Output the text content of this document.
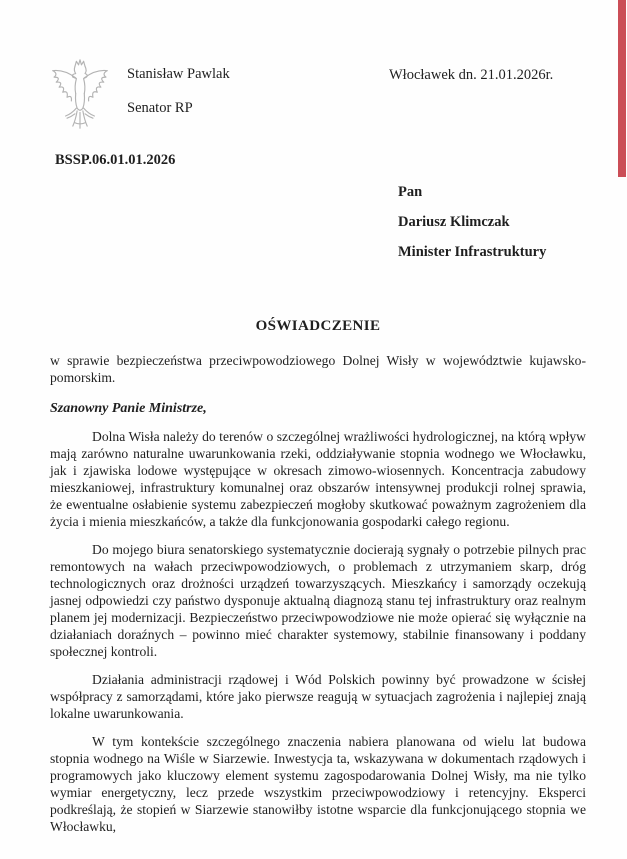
Stanisław Pawlak
Senator RP
Włocławek dn. 21.01.2026r.
BSSP.06.01.01.2026
Pan
Dariusz Klimczak
Minister Infrastruktury
OŚWIADCZENIE

w sprawie bezpieczeństwa przeciwpowodziowego Dolnej Wisły w województwie kujawsko-pomorskim.

Szanowny Panie Ministrze,

Dolna Wisła należy do terenów o szczególnej wrażliwości hydrologicznej, na którą wpływ mają zarówno naturalne uwarunkowania rzeki, oddziaływanie stopnia wodnego we Włocławku, jak i zjawiska lodowe występujące w okresach zimowo-wiosennych. Koncentracja zabudowy mieszkaniowej, infrastruktury komunalnej oraz obszarów intensywnej produkcji rolnej sprawia, że ewentualne osłabienie systemu zabezpieczeń mogłoby skutkować poważnym zagrożeniem dla życia i mienia mieszkańców, a także dla funkcjonowania gospodarki całego regionu.

Do mojego biura senatorskiego systematycznie docierają sygnały o potrzebie pilnych prac remontowych na wałach przeciwpowodziowych, o problemach z utrzymaniem skarp, dróg technologicznych oraz drożności urządzeń towarzyszących. Mieszkańcy i samorządy oczekują jasnej odpowiedzi czy państwo dysponuje aktualną diagnozą stanu tej infrastruktury oraz realnym planem jej modernizacji. Bezpieczeństwo przeciwpowodziowe nie może opierać się wyłącznie na działaniach doraźnych – powinno mieć charakter systemowy, stabilnie finansowany i poddany społecznej kontroli.

Działania administracji rządowej i Wód Polskich powinny być prowadzone w ścisłej współpracy z samorządami, które jako pierwsze reagują w sytuacjach zagrożenia i najlepiej znają lokalne uwarunkowania.

W tym kontekście szczególnego znaczenia nabiera planowana od wielu lat budowa stopnia wodnego na Wiśle w Siarzewie. Inwestycja ta, wskazywana w dokumentach rządowych i programowych jako kluczowy element systemu zagospodarowania Dolnej Wisły, ma nie tylko wymiar energetyczny, lecz przede wszystkim przeciwpowodziowy i retencyjny. Eksperci podkreślają, że stopień w Siarzewie stanowiłby istotne wsparcie dla funkcjonującego stopnia we Włocławku,
